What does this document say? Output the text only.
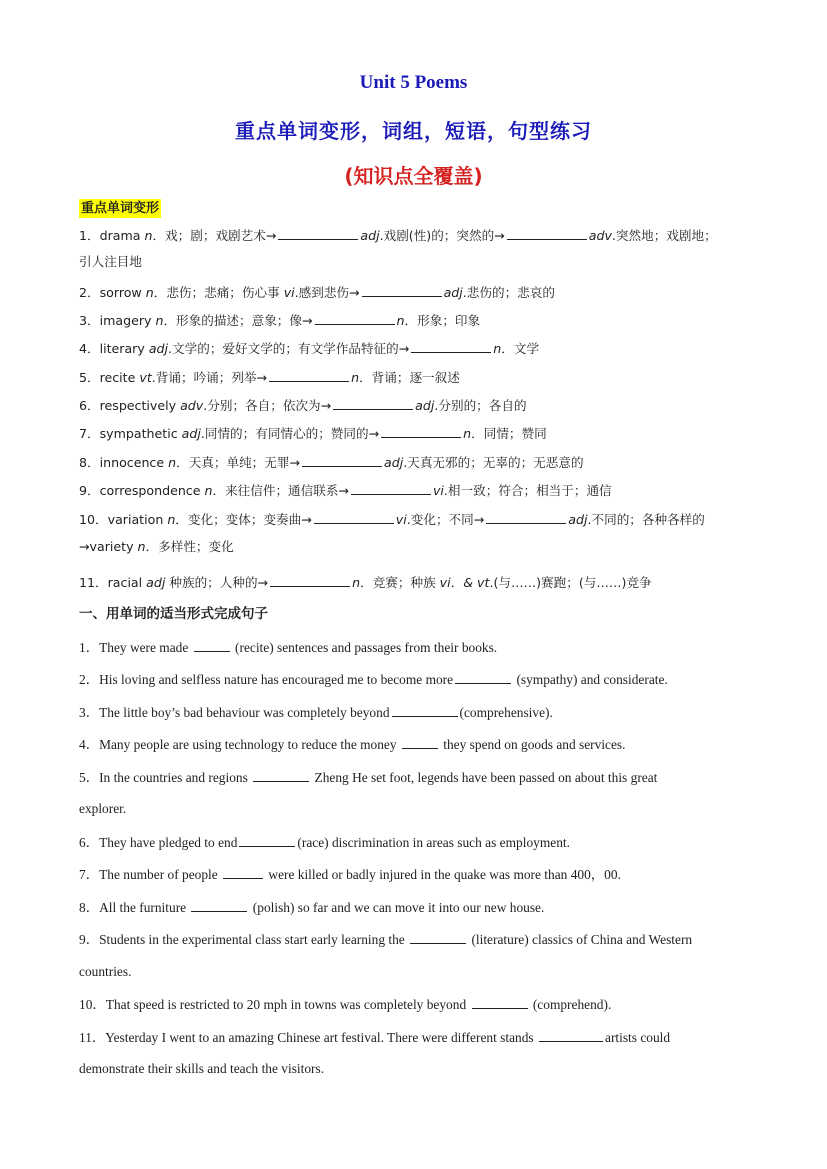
Unit 5 Poems
重点单词变形，词组，短语，句型练习
(知识点全覆盖)
重点单词变形
1．drama n．戏；剧；戏剧艺术→	adj.戏剧(性)的；突然的→	adv.突然地；戏剧地；
引人注目地
2．sorrow n．悲伤；悲痛；伤心事 vi.感到悲伤→	adj.悲伤的；悲哀的
3．imagery n．形象的描述；意象；像→	n．形象；印象
4．literary adj.文学的；爱好文学的；有文学作品特征的→	n．文学
5．recite vt.背诵；吟诵；列举→	n．背诵；逐一叙述
6．respectively adv.分别；各自；依次为→	adj.分别的；各自的
7．sympathetic adj.同情的；有同情心的；赞同的→	n．同情；赞同
8．innocence n．天真；单纯；无罪→	adj.天真无邪的；无辜的；无恶意的
9．correspondence n．来往信件；通信联系→	vi.相一致；符合；相当于；通信
10．variation n．变化；变体；变奏曲→	vi.变化；不同→	adj.不同的；各种各样的
→variety n．多样性；变化
11．racial adj 种族的；人种的→	n．竞赛；种族 vi．& vt.(与……)赛跑；(与……)竞争
一、用单词的适当形式完成句子
1．They were made	(recite) sentences and passages from their books.
2．His loving and selfless nature has encouraged me to become more	(sympathy) and considerate.
3．The little boy’s bad behaviour was completely beyond	(comprehensive).
4．Many people are using technology to reduce the money	they spend on goods and services.
5．In the countries and regions	Zheng He set foot, legends have been passed on about this great
explorer.
6．They have pledged to end	(race) discrimination in areas such as employment.
7．The number of people	were killed or badly injured in the quake was more than 400，00.
8．All the furniture	(polish) so far and we can move it into our new house.
9．Students in the experimental class start early learning the	(literature) classics of China and Western
countries.
10．That speed is restricted to 20 mph in towns was completely beyond	(comprehend).
11．Yesterday I went to an amazing Chinese art festival. There were different stands	artists could
demonstrate their skills and teach the visitors.
